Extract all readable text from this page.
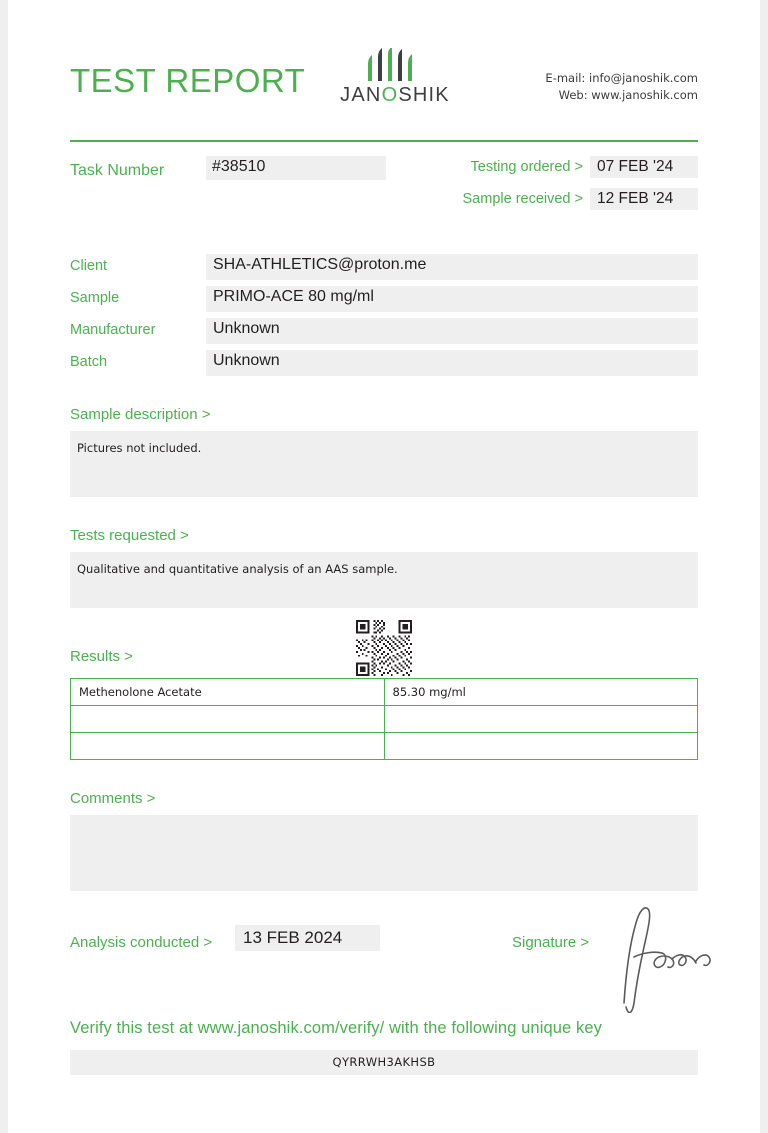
TEST REPORT	JANOSHIK
E-mail: info@janoshik.com
Web: www.janoshik.com
Task Number	#38510	Testing ordered > 07 FEB '24
Sample received > 12 FEB '24
Client	SHA-ATHLETICS@proton.me
Sample	PRIMO-ACE 80 mg/ml
Manufacturer	Unknown
Batch	Unknown
Sample description >
Pictures not included.
Tests requested >
Qualitative and quantitative analysis of an AAS sample.
Results >
Methenolone Acetate	85.30 mg/ml

Comments >
Analysis conducted >	13 FEB 2024	Signature >
Verify this test at www.janoshik.com/verify/ with the following unique key
QYRRWH3AKHSB
